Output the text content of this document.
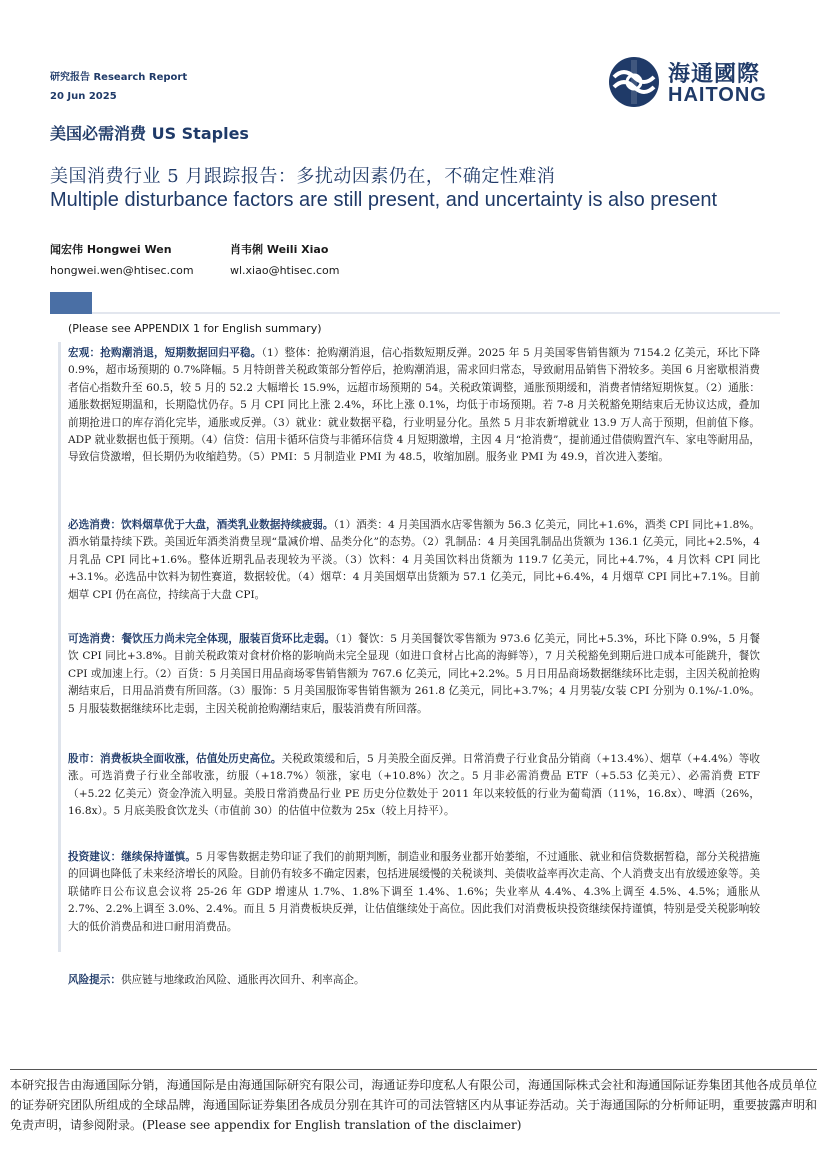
研究报告 Research Report
20 Jun 2025
美国必需消费 US Staples
海通國際
HAITONG
美国消费行业 5 月跟踪报告：多扰动因素仍在，不确定性难消
Multiple disturbance factors are still present, and uncertainty is also present
闻宏伟 Hongwei Wen
hongwei.wen@htisec.com
肖韦俐 Weili Xiao
wl.xiao@htisec.com
(Please see APPENDIX 1 for English summary)
宏观：抢购潮消退，短期数据回归平稳。（1）整体：抢购潮消退，信心指数短期反弹。2025 年 5 月美国零售销售额为 7154.2 亿美元，环比下降 0.9%，超市场预期的 0.7%降幅。5 月特朗普关税政策部分暂停后，抢购潮消退，需求回归常态，导致耐用品销售下滑较多。美国 6 月密歇根消费者信心指数升至 60.5，较 5 月的 52.2 大幅增长 15.9%，远超市场预期的 54。关税政策调整，通胀预期缓和，消费者情绪短期恢复。（2）通胀：通胀数据短期温和，长期隐忧仍存。5 月 CPI 同比上涨 2.4%，环比上涨 0.1%，均低于市场预期。若 7-8 月关税豁免期结束后无协议达成，叠加前期抢进口的库存消化完毕，通胀或反弹。（3）就业：就业数据平稳，行业明显分化。虽然 5 月非农新增就业 13.9 万人高于预期，但前值下修。ADP 就业数据也低于预期。（4）信贷：信用卡循环信贷与非循环信贷 4 月短期激增，主因 4 月“抢消费”，提前通过借债购置汽车、家电等耐用品，导致信贷激增，但长期仍为收缩趋势。（5）PMI：5 月制造业 PMI 为 48.5，收缩加剧。服务业 PMI 为 49.9，首次进入萎缩。
必选消费：饮料烟草优于大盘，酒类乳业数据持续疲弱。（1）酒类：4 月美国酒水店零售额为 56.3 亿美元，同比+1.6%，酒类 CPI 同比+1.8%。酒水销量持续下跌。美国近年酒类消费呈现“量减价增、品类分化”的态势。（2）乳制品：4 月美国乳制品出货额为 136.1 亿美元，同比+2.5%，4 月乳品 CPI 同比+1.6%。整体近期乳品表现较为平淡。（3）饮料：4 月美国饮料出货额为 119.7 亿美元，同比+4.7%，4 月饮料 CPI 同比+3.1%。必选品中饮料为韧性赛道，数据较优。（4）烟草：4 月美国烟草出货额为 57.1 亿美元，同比+6.4%，4 月烟草 CPI 同比+7.1%。目前烟草 CPI 仍在高位，持续高于大盘 CPI。
可选消费：餐饮压力尚未完全体现，服装百货环比走弱。（1）餐饮：5 月美国餐饮零售额为 973.6 亿美元，同比+5.3%，环比下降 0.9%，5 月餐饮 CPI 同比+3.8%。目前关税政策对食材价格的影响尚未完全显现（如进口食材占比高的海鲜等），7 月关税豁免到期后进口成本可能跳升，餐饮 CPI 或加速上行。（2）百货：5 月美国日用品商场零售销售额为 767.6 亿美元，同比+2.2%。5 月日用品商场数据继续环比走弱，主因关税前抢购潮结束后，日用品消费有所回落。（3）服饰：5 月美国服饰零售销售额为 261.8 亿美元，同比+3.7%；4 月男装/女装 CPI 分别为 0.1%/-1.0%。5 月服装数据继续环比走弱，主因关税前抢购潮结束后，服装消费有所回落。
股市：消费板块全面收涨，估值处历史高位。关税政策缓和后，5 月美股全面反弹。日常消费子行业食品分销商（+13.4%）、烟草（+4.4%）等收涨。可选消费子行业全部收涨，纺服（+18.7%）领涨，家电（+10.8%）次之。5 月非必需消费品 ETF（+5.53 亿美元）、必需消费 ETF（+5.22 亿美元）资金净流入明显。美股日常消费品行业 PE 历史分位数处于 2011 年以来较低的行业为葡萄酒（11%，16.8x）、啤酒（26%，16.8x）。5 月底美股食饮龙头（市值前 30）的估值中位数为 25x（较上月持平）。
投资建议：继续保持谨慎。5 月零售数据走势印证了我们的前期判断，制造业和服务业都开始萎缩，不过通胀、就业和信贷数据暂稳，部分关税措施的回调也降低了未来经济增长的风险。目前仍有较多不确定因素，包括进展缓慢的关税谈判、美债收益率再次走高、个人消费支出有放缓迹象等。美联储昨日公布议息会议将 25-26 年 GDP 增速从 1.7%、1.8%下调至 1.4%、1.6%；失业率从 4.4%、4.3%上调至 4.5%、4.5%；通胀从 2.7%、2.2%上调至 3.0%、2.4%。而且 5 月消费板块反弹，让估值继续处于高位。因此我们对消费板块投资继续保持谨慎，特别是受关税影响较大的低价消费品和进口耐用消费品。
风险提示：供应链与地缘政治风险、通胀再次回升、利率高企。
本研究报告由海通国际分销，海通国际是由海通国际研究有限公司，海通证券印度私人有限公司，海通国际株式会社和海通国际证券集团其他各成员单位的证券研究团队所组成的全球品牌，海通国际证券集团各成员分别在其许可的司法管辖区内从事证券活动。关于海通国际的分析师证明，重要披露声明和免责声明，请参阅附录。(Please see appendix for English translation of the disclaimer)
